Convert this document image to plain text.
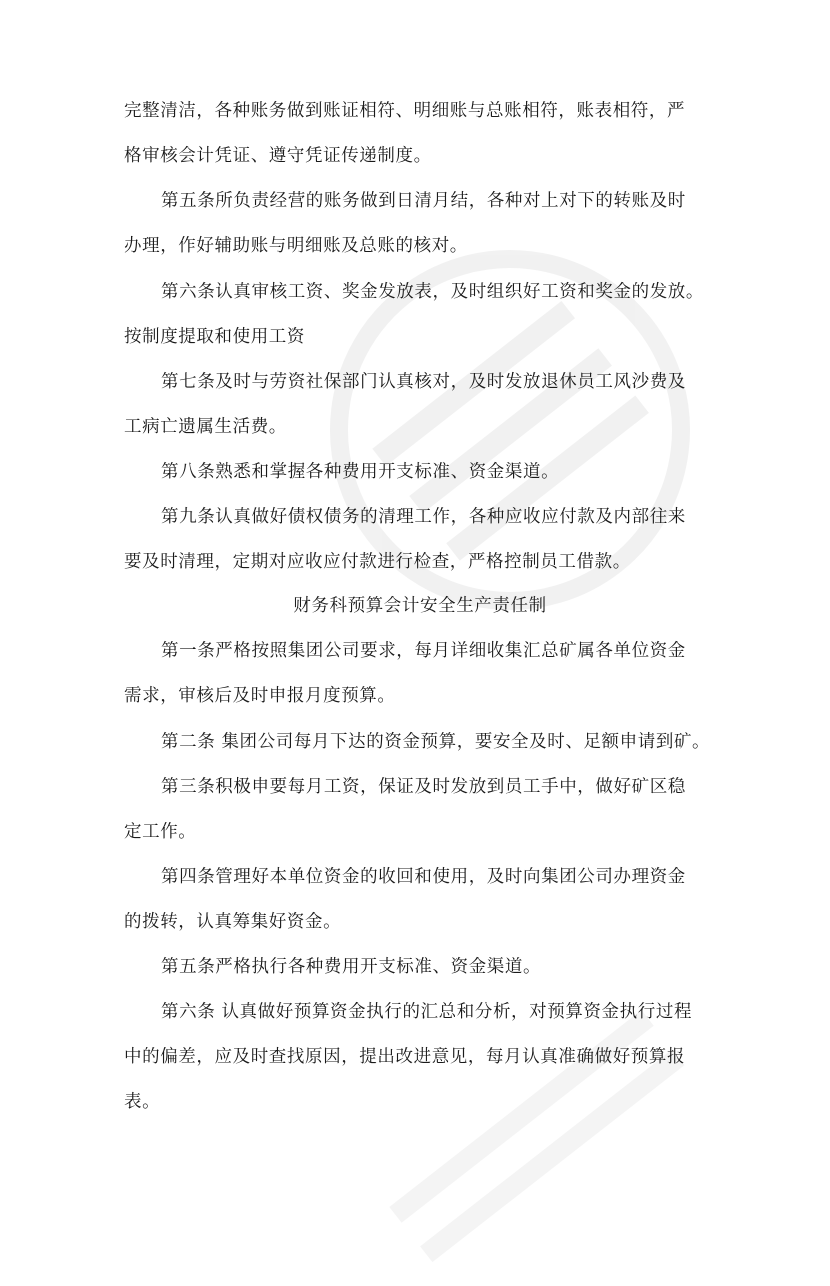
完整清洁，各种账务做到账证相符、明细账与总账相符，账表相符，严
格审核会计凭证、遵守凭证传递制度。
第五条所负责经营的账务做到日清月结，各种对上对下的转账及时
办理，作好辅助账与明细账及总账的核对。
第六条认真审核工资、奖金发放表，及时组织好工资和奖金的发放。
按制度提取和使用工资
第七条及时与劳资社保部门认真核对，及时发放退休员工风沙费及
工病亡遗属生活费。
第八条熟悉和掌握各种费用开支标准、资金渠道。
第九条认真做好债权债务的清理工作，各种应收应付款及内部往来
要及时清理，定期对应收应付款进行检查，严格控制员工借款。
财务科预算会计安全生产责任制
第一条严格按照集团公司要求，每月详细收集汇总矿属各单位资金
需求，审核后及时申报月度预算。
第二条 集团公司每月下达的资金预算，要安全及时、足额申请到矿。
第三条积极申要每月工资，保证及时发放到员工手中，做好矿区稳
定工作。
第四条管理好本单位资金的收回和使用，及时向集团公司办理资金
的拨转，认真筹集好资金。
第五条严格执行各种费用开支标准、资金渠道。
第六条 认真做好预算资金执行的汇总和分析，对预算资金执行过程
中的偏差，应及时查找原因，提出改进意见，每月认真准确做好预算报
表。
